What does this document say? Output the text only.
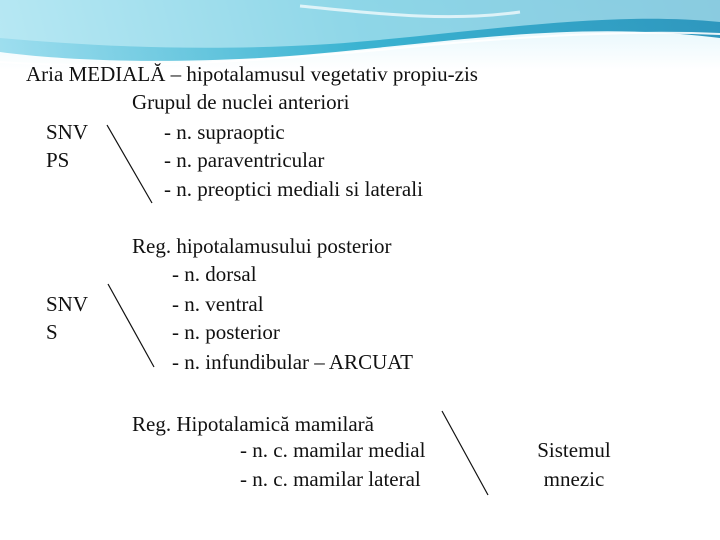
Aria MEDIALĂ – hipotalamusul vegetativ propiu-zis
Grupul de nuclei anteriori
SNV
PS
- n. supraoptic
- n. paraventricular
- n. preoptici mediali si laterali
Reg. hipotalamusului posterior
- n. dorsal
SNV
S
- n. ventral
- n. posterior
- n. infundibular – ARCUAT
Reg. Hipotalamică mamilară
- n. c. mamilar medial
- n. c. mamilar lateral
Sistemul
mnezic
